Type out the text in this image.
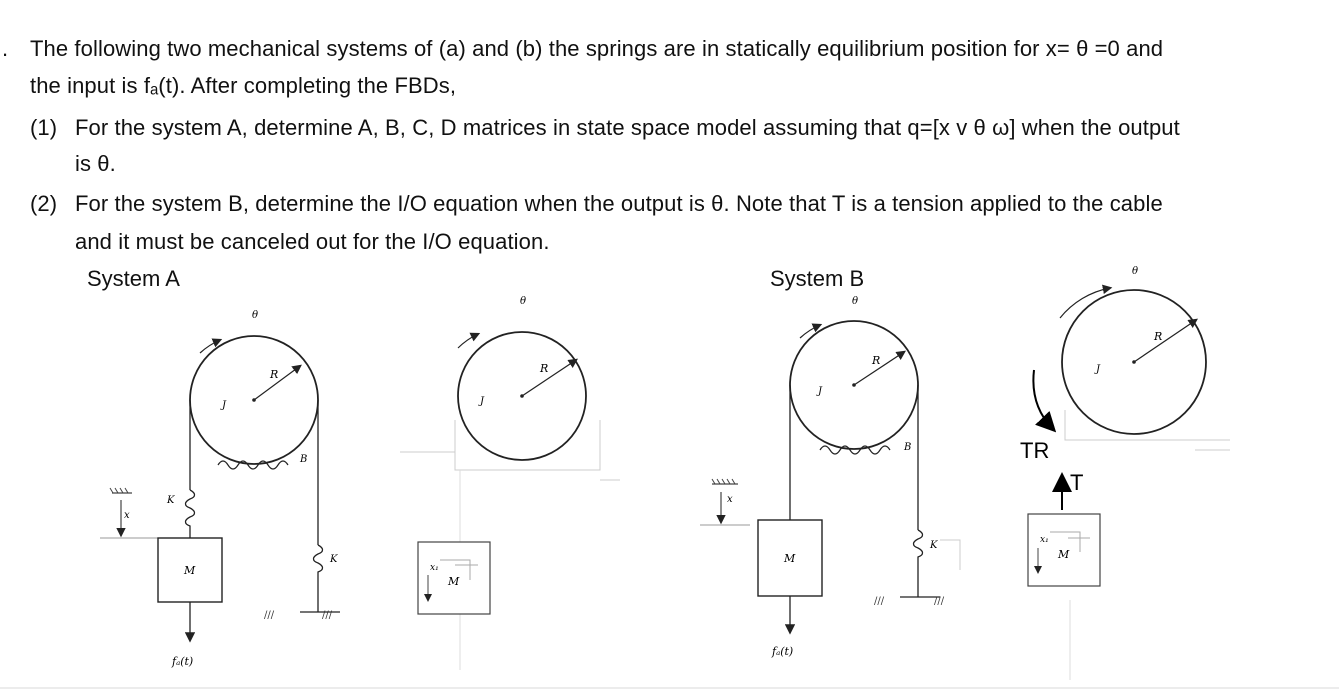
. The following two mechanical systems of (a) and (b) the springs are in statically equilibrium position for x= θ =0 and
the input is fₐ(t). After completing the FBDs,
(1) For the system A, determine A, B, C, D matrices in state space model assuming that q=[x v θ ω] when the output
is θ.
(2) For the system B, determine the I/O equation when the output is θ. Note that T is a tension applied to the cable
and it must be canceled out for the I/O equation.
System A	System B
x
R
J
θ
B
K
M
fₐ(t)
K
///	///
R
J
θ
x₁
M
x
R
J
θ
B
M
fₐ(t)
K
///	///
R
J
θ
TR
T
x₁
M
